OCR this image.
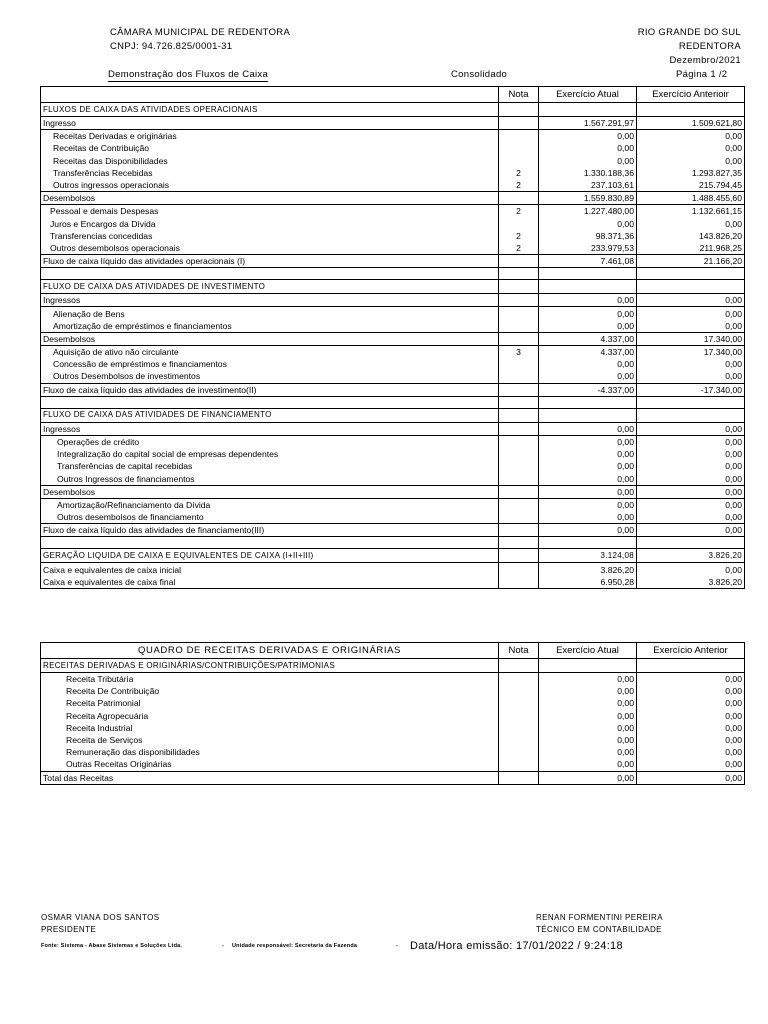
CÂMARA MUNICIPAL DE REDENTORA
CNPJ: 94.726.825/0001-31
RIO GRANDE DO SUL
REDENTORA
Dezembro/2021
Demonstração dos Fluxos de Caixa	Consolidado	Página 1 /2
	Nota	Exercício Atual	Exercício Anterioir
FLUXOS DE CAIXA DAS ATIVIDADES OPERACIONAIS			
Ingresso		1.567.291,97	1.509.621,80
Receitas Derivadas e originárias		0,00	0,00
Receitas de Contribuição		0,00	0,00
Receitas das Disponibilidades		0,00	0,00
Transferências Recebidas	2	1.330.188,36	1.293.827,35
Outros ingressos operacionais	2	237.103,61	215.794,45
Desembolsos		1.559.830,89	1.488.455,60
Pessoal e demais Despesas	2	1.227.480,00	1.132.661,15
Juros e Encargos da Dívida		0,00	0,00
Transferencias concedidas	2	98.371,36	143.826,20
Outros desembolsos operacionais	2	233.979,53	211.968,25
Fluxo de caixa líquido das atividades operacionais (I)		7.461,08	21.166,20

FLUXO DE CAIXA DAS ATIVIDADES DE INVESTIMENTO			
Ingressos		0,00	0,00
Alienação de Bens		0,00	0,00
Amortização de empréstimos e financiamentos		0,00	0,00
Desembolsos		4.337,00	17.340,00
Aquisição de ativo não circulante	3	4.337,00	17.340,00
Concessão de empréstimos e financiamentos		0,00	0,00
Outros Desembolsos de investimentos		0,00	0,00
Fluxo de caixa líquido das atividades de investimento(II)		-4.337,00	-17.340,00

FLUXO DE CAIXA DAS ATIVIDADES DE FINANCIAMENTO			
Ingressos		0,00	0,00
Operações de crédito		0,00	0,00
Integralização do capital social de empresas dependentes		0,00	0,00
Transferências de capital recebidas		0,00	0,00
Outros Ingressos de financiamentos		0,00	0,00
Desembolsos		0,00	0,00
Amortização/Refinanciamento da Dívida		0,00	0,00
Outros desembolsos de financiamento		0,00	0,00
Fluxo de caixa líquido das atividades de financiamento(III)		0,00	0,00

GERAÇÃO LIQUIDA DE CAIXA E EQUIVALENTES DE CAIXA (I+II+III)		3.124,08	3.826,20
Caixa e equivalentes de caixa inicial		3.826,20	0,00
Caixa e equivalentes de caixa final		6.950,28	3.826,20
QUADRO DE RECEITAS DERIVADAS E ORIGINÁRIAS	Nota	Exercício Atual	Exercício Anterior
RECEITAS DERIVADAS E ORIGINÁRIAS/CONTRIBUIÇÕES/PATRIMONIAS			
Receita Tributária		0,00	0,00
Receita De Contribuição		0,00	0,00
Receita Patrimonial		0,00	0,00
Receita Agropecuária		0,00	0,00
Receita Industrial		0,00	0,00
Receita de Serviços		0,00	0,00
Remuneração das disponibilidades		0,00	0,00
Outras Receitas Originárias		0,00	0,00
Total das Receitas		0,00	0,00
OSMAR VIANA DOS SANTOS
PRESIDENTE
RENAN FORMENTINI PEREIRA
TÉCNICO EM CONTABILIDADE
Fonte: Sistema - Abase Sistemas e Soluções Ltda.	- Unidade responsável: Secretaria da Fazenda	- Data/Hora emissão: 17/01/2022 / 9:24:18
